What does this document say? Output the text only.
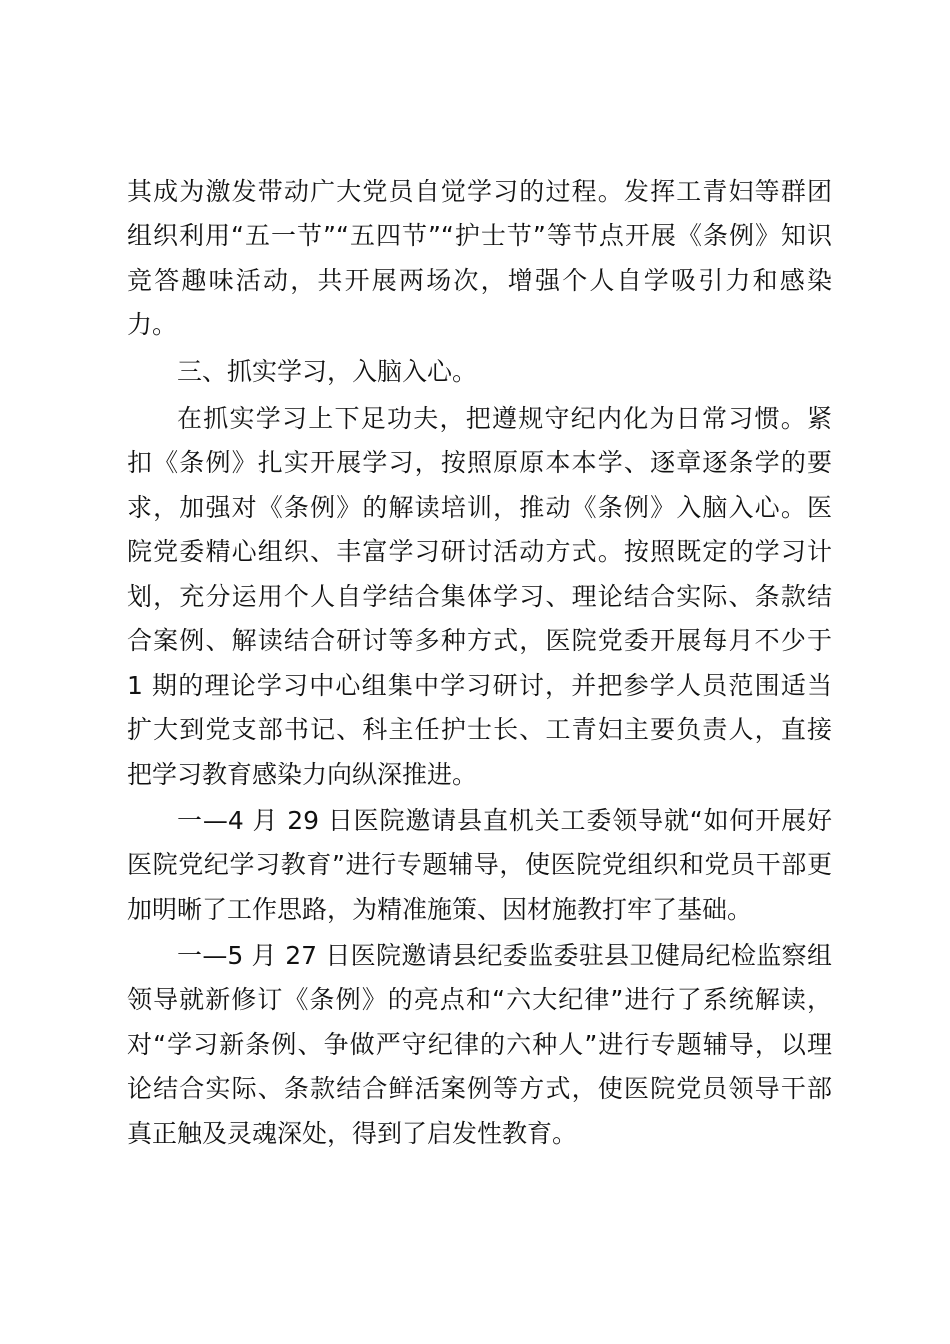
其成为激发带动广大党员自觉学习的过程。发挥工青妇等群团
组织利用“五一节”“五四节”“护士节”等节点开展《条例》知识
竞答趣味活动，共开展两场次，增强个人自学吸引力和感染
力。
三、抓实学习，入脑入心。
在抓实学习上下足功夫，把遵规守纪内化为日常习惯。紧
扣《条例》扎实开展学习，按照原原本本学、逐章逐条学的要
求，加强对《条例》的解读培训，推动《条例》入脑入心。医
院党委精心组织、丰富学习研讨活动方式。按照既定的学习计
划，充分运用个人自学结合集体学习、理论结合实际、条款结
合案例、解读结合研讨等多种方式，医院党委开展每月不少于
1 期的理论学习中心组集中学习研讨，并把参学人员范围适当
扩大到党支部书记、科主任护士长、工青妇主要负责人，直接
把学习教育感染力向纵深推进。
一—4 月 29 日医院邀请县直机关工委领导就“如何开展好
医院党纪学习教育”进行专题辅导，使医院党组织和党员干部更
加明晰了工作思路，为精准施策、因材施教打牢了基础。
一—5 月 27 日医院邀请县纪委监委驻县卫健局纪检监察组
领导就新修订《条例》的亮点和“六大纪律”进行了系统解读，
对“学习新条例、争做严守纪律的六种人”进行专题辅导，以理
论结合实际、条款结合鲜活案例等方式，使医院党员领导干部
真正触及灵魂深处，得到了启发性教育。
